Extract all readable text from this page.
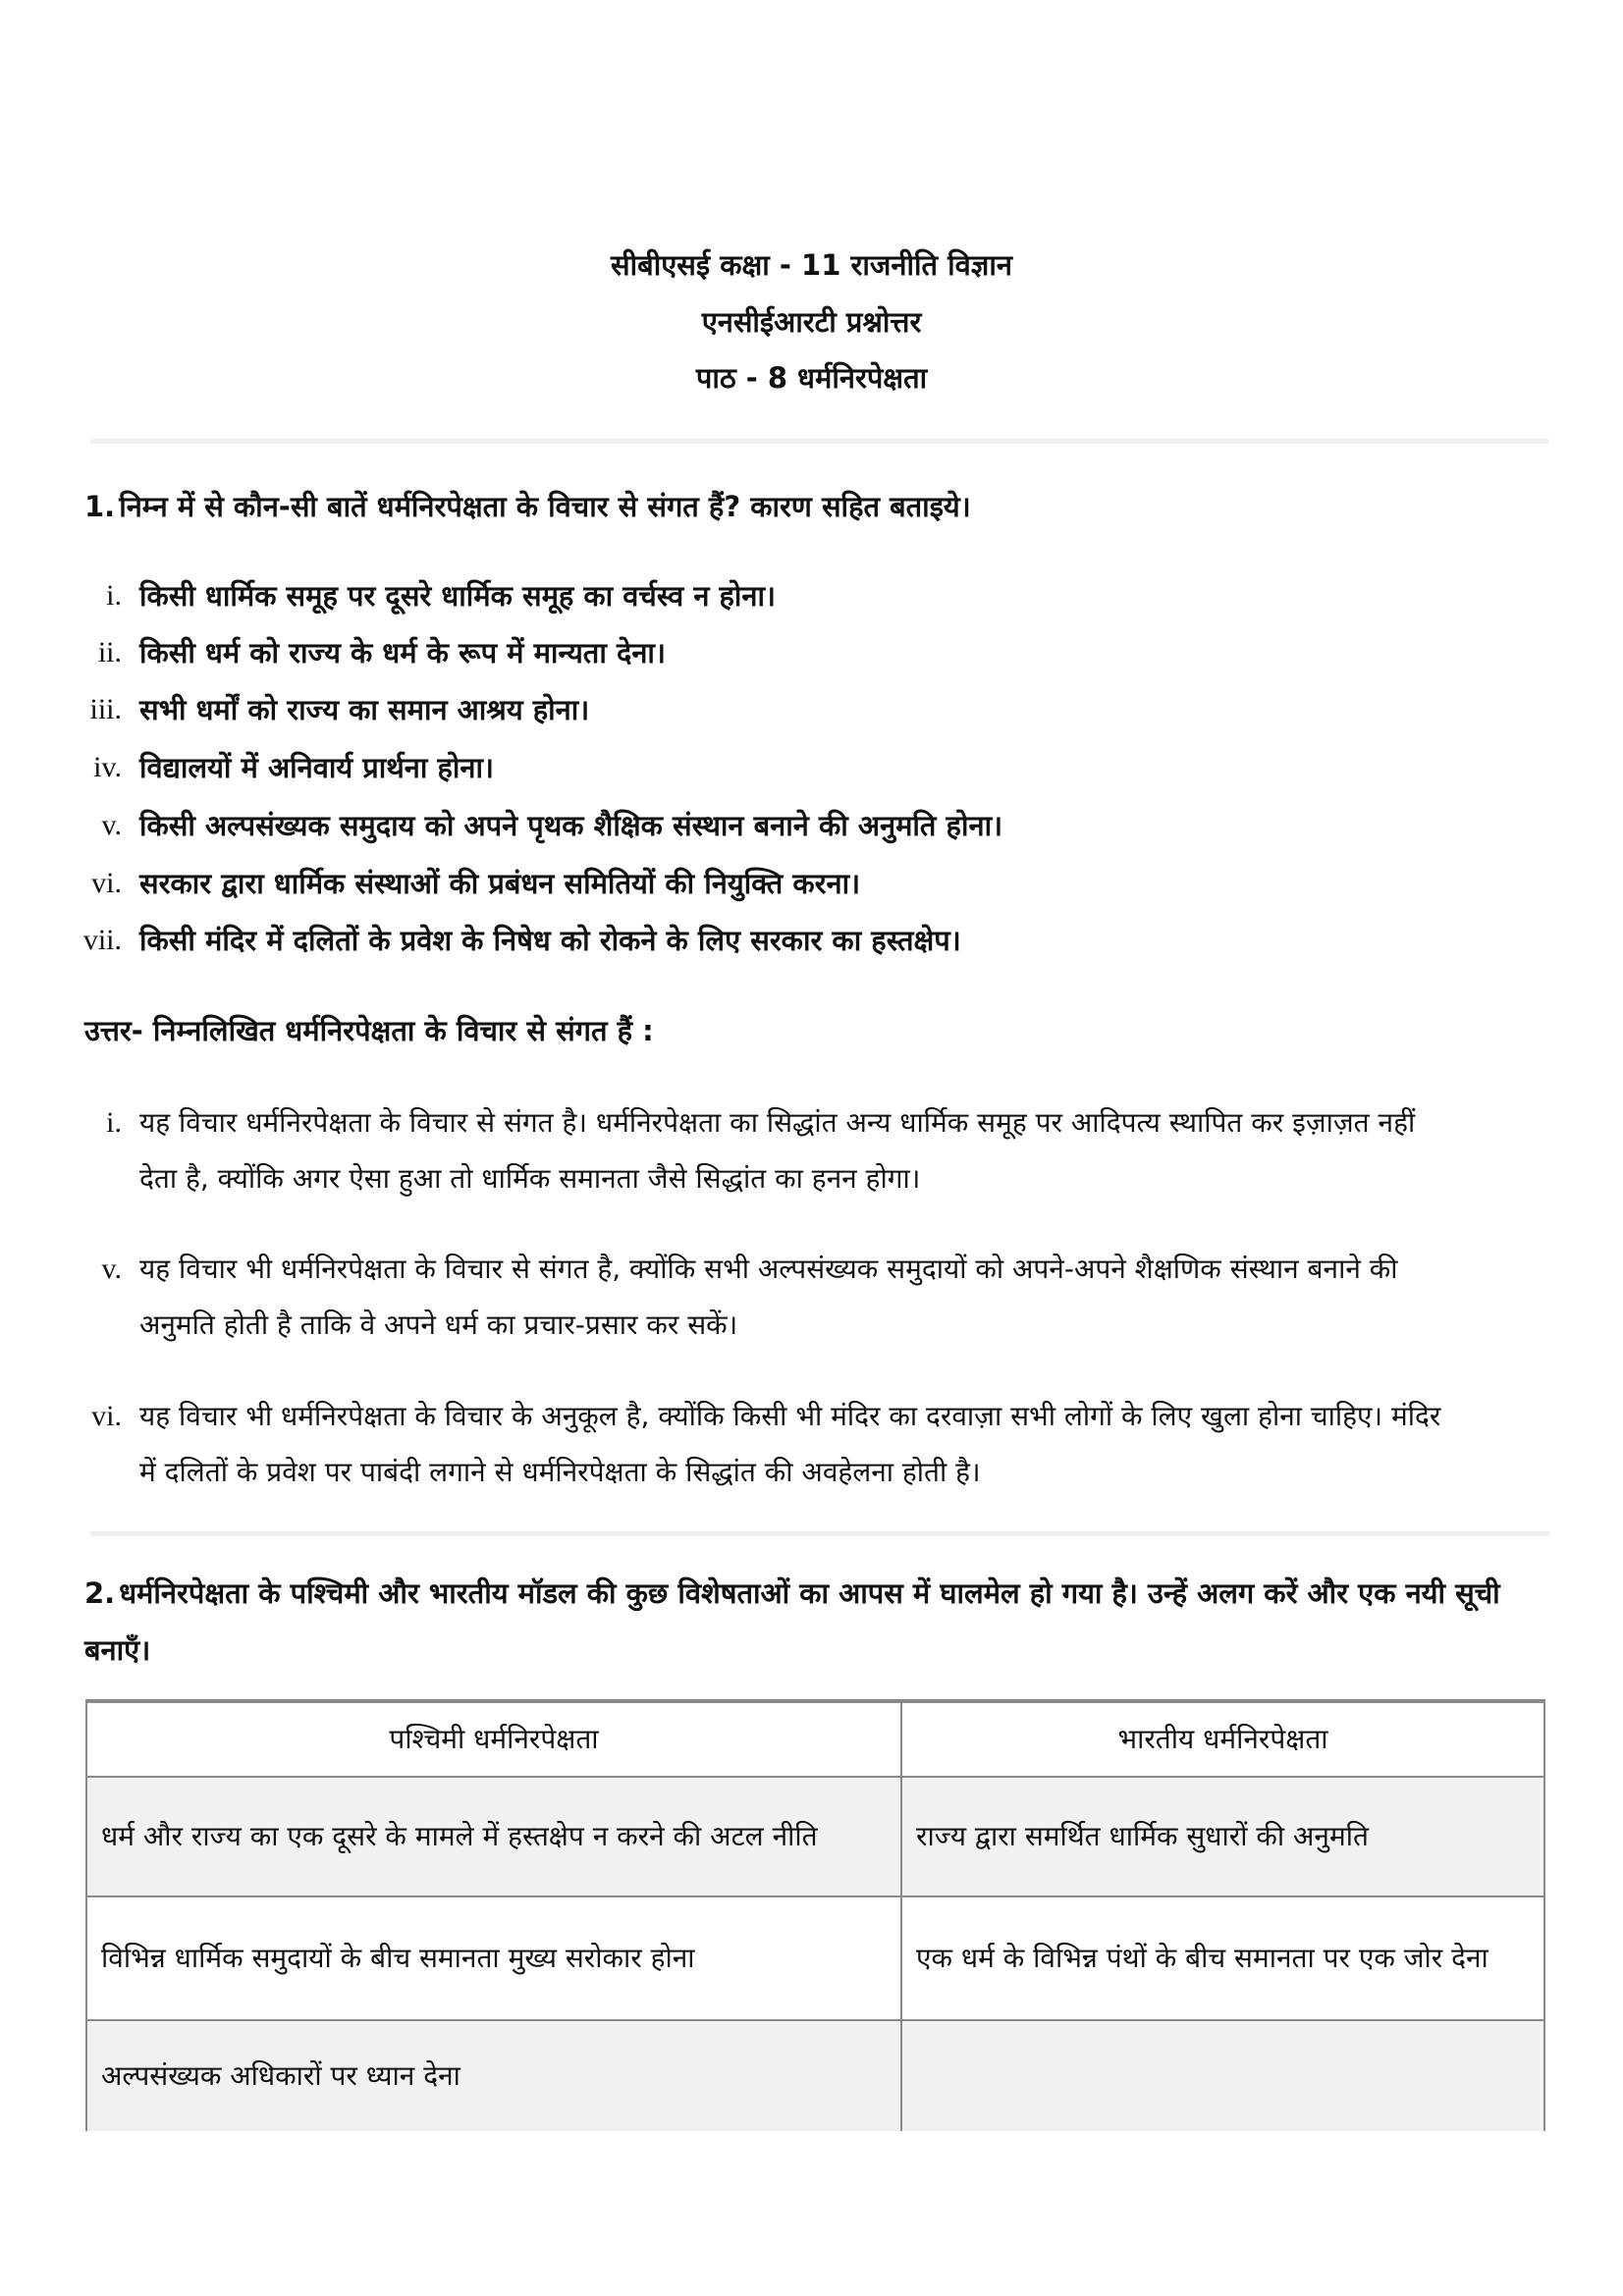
सीबीएसई कक्षा - 11 राजनीति विज्ञान
एनसीईआरटी प्रश्नोत्तर
पाठ - 8 धर्मनिरपेक्षता
1. निम्न में से कौन-सी बातें धर्मनिरपेक्षता के विचार से संगत हैं? कारण सहित बताइये।
i. किसी धार्मिक समूह पर दूसरे धार्मिक समूह का वर्चस्व न होना।
ii. किसी धर्म को राज्य के धर्म के रूप में मान्यता देना।
iii. सभी धर्मों को राज्य का समान आश्रय होना।
iv. विद्यालयों में अनिवार्य प्रार्थना होना।
v. किसी अल्पसंख्यक समुदाय को अपने पृथक शैक्षिक संस्थान बनाने की अनुमति होना।
vi. सरकार द्वारा धार्मिक संस्थाओं की प्रबंधन समितियों की नियुक्ति करना।
vii. किसी मंदिर में दलितों के प्रवेश के निषेध को रोकने के लिए सरकार का हस्तक्षेप।
उत्तर- निम्नलिखित धर्मनिरपेक्षता के विचार से संगत हैं :
i. यह विचार धर्मनिरपेक्षता के विचार से संगत है। धर्मनिरपेक्षता का सिद्धांत अन्य धार्मिक समूह पर आदिपत्य स्थापित कर इज़ाज़त नहीं देता है, क्योंकि अगर ऐसा हुआ तो धार्मिक समानता जैसे सिद्धांत का हनन होगा।
v. यह विचार भी धर्मनिरपेक्षता के विचार से संगत है, क्योंकि सभी अल्पसंख्यक समुदायों को अपने-अपने शैक्षणिक संस्थान बनाने की अनुमति होती है ताकि वे अपने धर्म का प्रचार-प्रसार कर सकें।
vi. यह विचार भी धर्मनिरपेक्षता के विचार के अनुकूल है, क्योंकि किसी भी मंदिर का दरवाज़ा सभी लोगों के लिए खुला होना चाहिए। मंदिर में दलितों के प्रवेश पर पाबंदी लगाने से धर्मनिरपेक्षता के सिद्धांत की अवहेलना होती है।
2. धर्मनिरपेक्षता के पश्चिमी और भारतीय मॉडल की कुछ विशेषताओं का आपस में घालमेल हो गया है। उन्हें अलग करें और एक नयी सूची बनाएँ।
पश्चिमी धर्मनिरपेक्षता	भारतीय धर्मनिरपेक्षता
धर्म और राज्य का एक दूसरे के मामले में हस्तक्षेप न करने की अटल नीति	राज्य द्वारा समर्थित धार्मिक सुधारों की अनुमति
विभिन्न धार्मिक समुदायों के बीच समानता मुख्य सरोकार होना	एक धर्म के विभिन्न पंथों के बीच समानता पर एक जोर देना
अल्पसंख्यक अधिकारों पर ध्यान देना	
